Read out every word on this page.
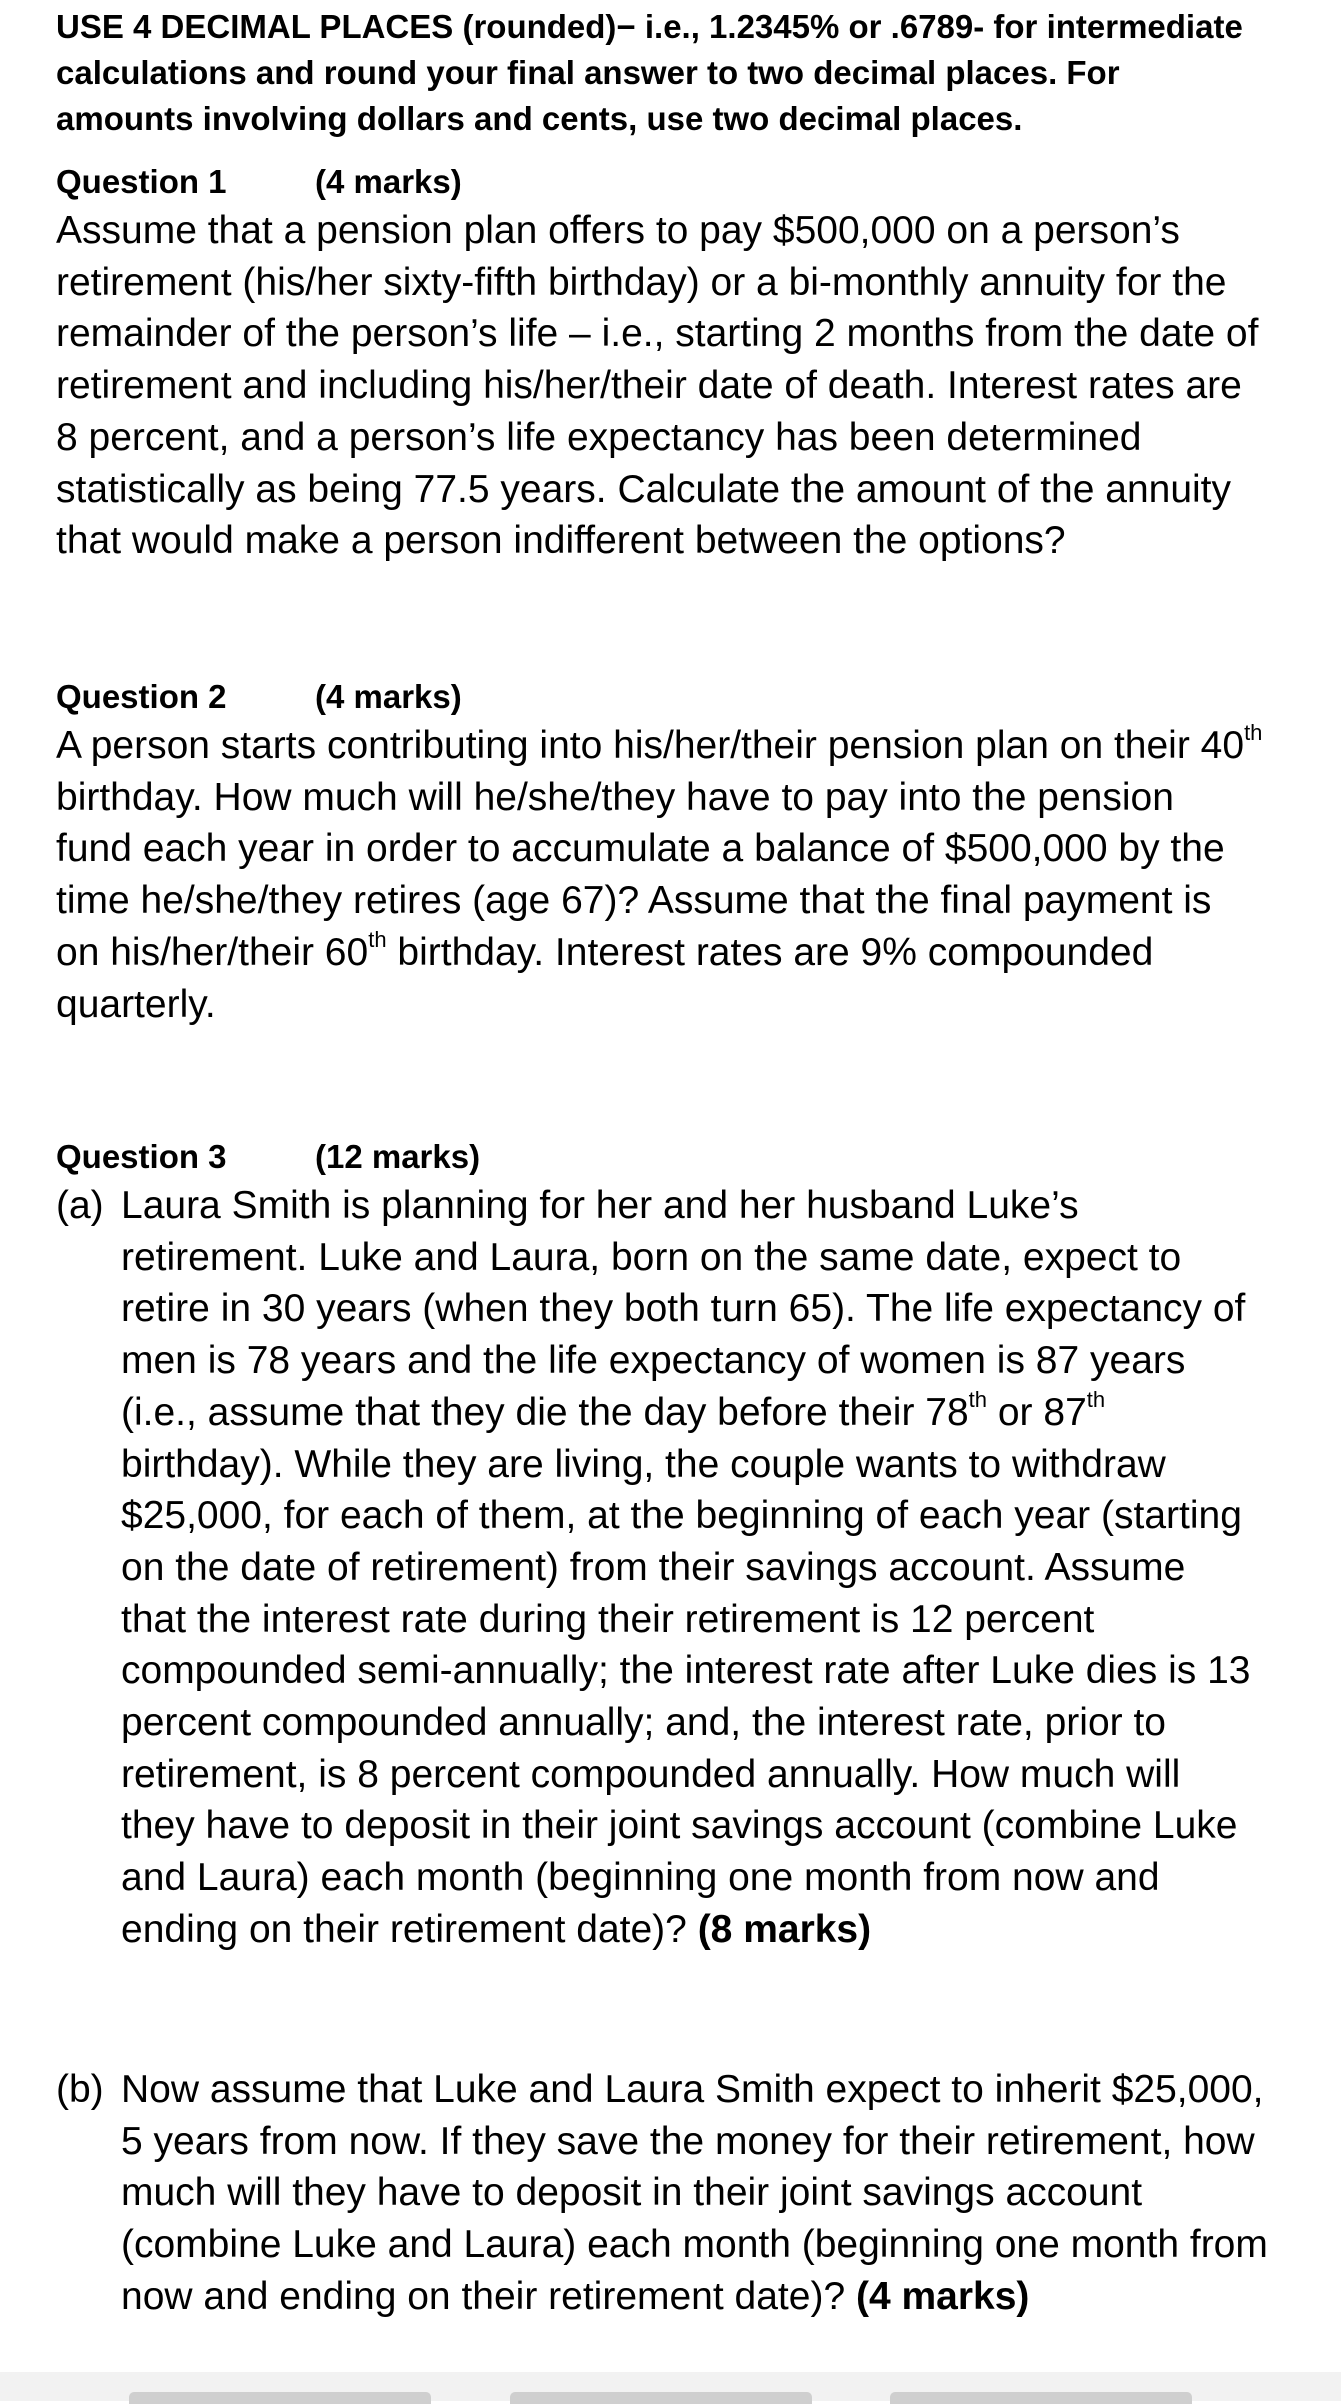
USE 4 DECIMAL PLACES (rounded)− i.e., 1.2345% or .6789- for intermediate
calculations and round your final answer to two decimal places. For
amounts involving dollars and cents, use two decimal places.
Question 1	(4 marks)
Assume that a pension plan offers to pay $500,000 on a person’s
retirement (his/her sixty-fifth birthday) or a bi-monthly annuity for the
remainder of the person’s life – i.e., starting 2 months from the date of
retirement and including his/her/their date of death. Interest rates are
8 percent, and a person’s life expectancy has been determined
statistically as being 77.5 years. Calculate the amount of the annuity
that would make a person indifferent between the options?
Question 2	(4 marks)
A person starts contributing into his/her/their pension plan on their 40th
birthday. How much will he/she/they have to pay into the pension
fund each year in order to accumulate a balance of $500,000 by the
time he/she/they retires (age 67)? Assume that the final payment is
on his/her/their 60th birthday. Interest rates are 9% compounded
quarterly.
Question 3	(12 marks)
(a) Laura Smith is planning for her and her husband Luke’s
retirement. Luke and Laura, born on the same date, expect to
retire in 30 years (when they both turn 65). The life expectancy of
men is 78 years and the life expectancy of women is 87 years
(i.e., assume that they die the day before their 78th or 87th
birthday). While they are living, the couple wants to withdraw
$25,000, for each of them, at the beginning of each year (starting
on the date of retirement) from their savings account. Assume
that the interest rate during their retirement is 12 percent
compounded semi-annually; the interest rate after Luke dies is 13
percent compounded annually; and, the interest rate, prior to
retirement, is 8 percent compounded annually. How much will
they have to deposit in their joint savings account (combine Luke
and Laura) each month (beginning one month from now and
ending on their retirement date)? (8 marks)
(b) Now assume that Luke and Laura Smith expect to inherit $25,000,
5 years from now. If they save the money for their retirement, how
much will they have to deposit in their joint savings account
(combine Luke and Laura) each month (beginning one month from
now and ending on their retirement date)? (4 marks)
